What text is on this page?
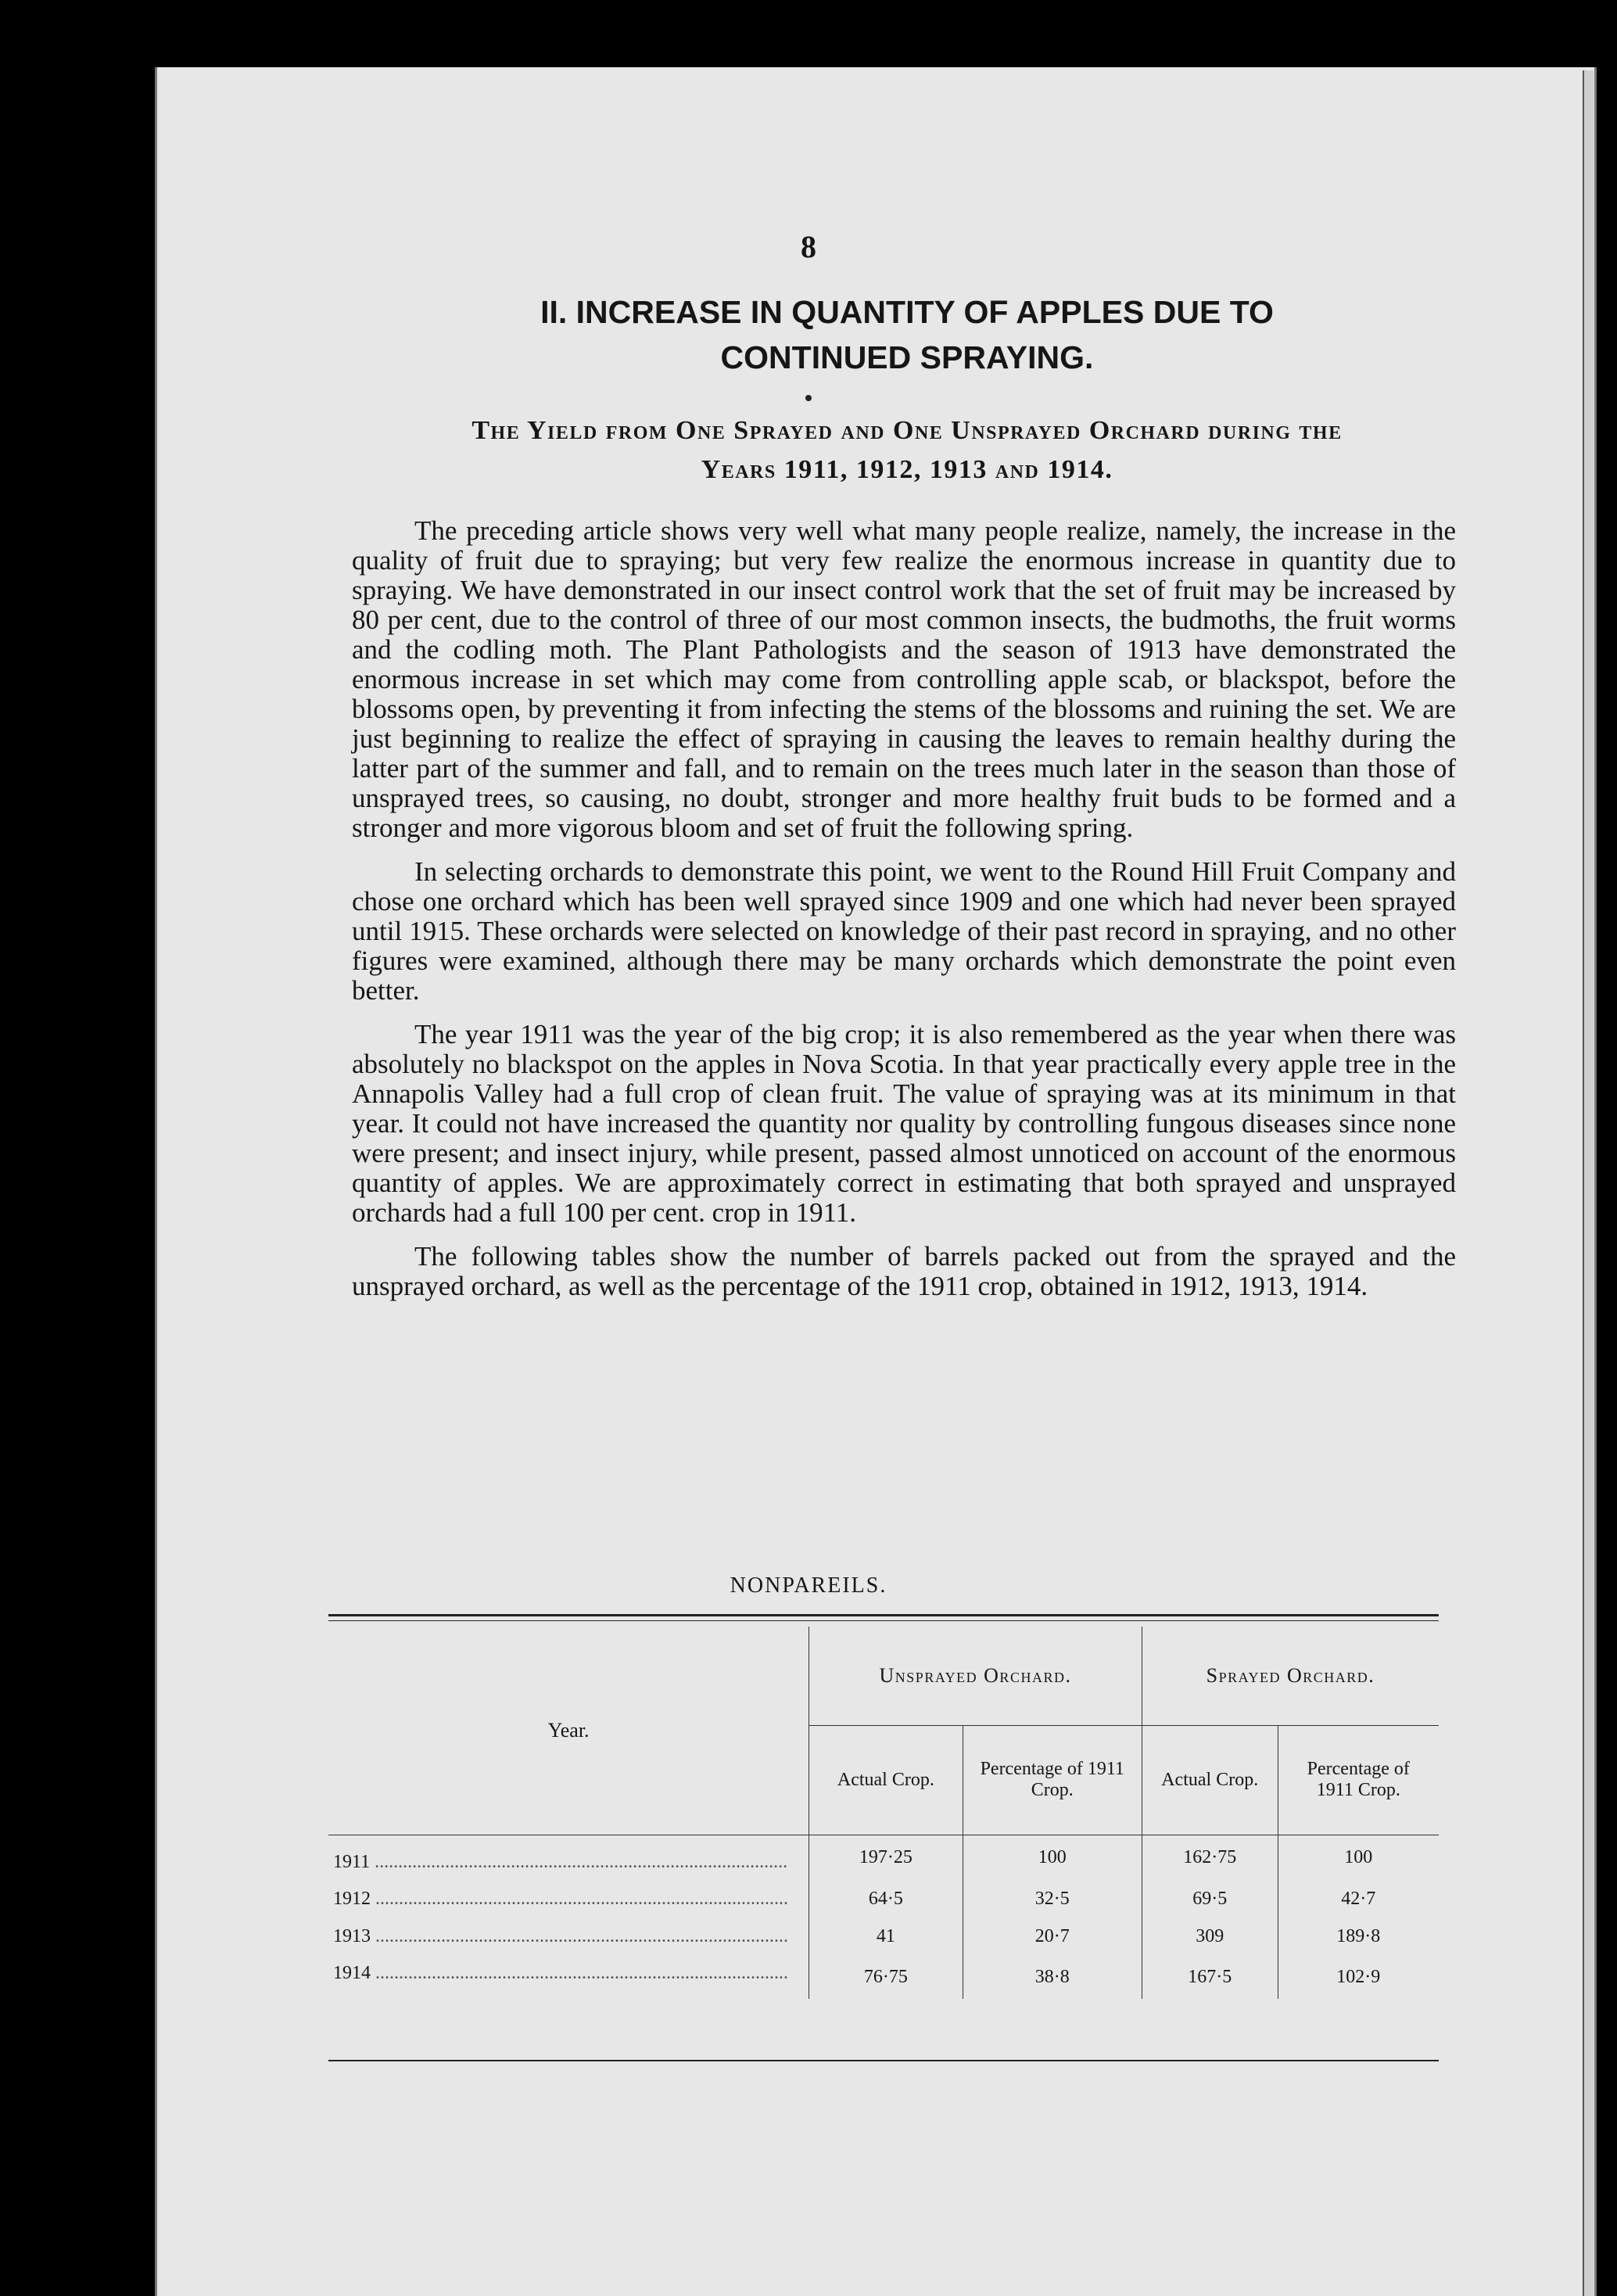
8
II. INCREASE IN QUANTITY OF APPLES DUE TO
CONTINUED SPRAYING.
The Yield from One Sprayed and One Unsprayed Orchard during the
Years 1911, 1912, 1913 and 1914.

The preceding article shows very well what many people realize, namely, the increase in the quality of fruit due to spraying; but very few realize the enormous increase in quantity due to spraying. We have demonstrated in our insect control work that the set of fruit may be increased by 80 per cent, due to the control of three of our most common insects, the budmoths, the fruit worms and the codling moth. The Plant Pathologists and the season of 1913 have demonstrated the enormous increase in set which may come from controlling apple scab, or blackspot, before the blossoms open, by preventing it from infecting the stems of the blossoms and ruining the set. We are just beginning to realize the effect of spraying in causing the leaves to remain healthy during the latter part of the summer and fall, and to remain on the trees much later in the season than those of unsprayed trees, so causing, no doubt, stronger and more healthy fruit buds to be formed and a stronger and more vigorous bloom and set of fruit the following spring.

In selecting orchards to demonstrate this point, we went to the Round Hill Fruit Company and chose one orchard which has been well sprayed since 1909 and one which had never been sprayed until 1915. These orchards were selected on knowledge of their past record in spraying, and no other figures were examined, although there may be many orchards which demonstrate the point even better.

The year 1911 was the year of the big crop; it is also remembered as the year when there was absolutely no blackspot on the apples in Nova Scotia. In that year practically every apple tree in the Annapolis Valley had a full crop of clean fruit. The value of spraying was at its minimum in that year. It could not have increased the quantity nor quality by controlling fungous diseases since none were present; and insect injury, while present, passed almost unnoticed on account of the enormous quantity of apples. We are approximately correct in estimating that both sprayed and unsprayed orchards had a full 100 per cent. crop in 1911.

The following tables show the number of barrels packed out from the sprayed and the unsprayed orchard, as well as the percentage of the 1911 crop, obtained in 1912, 1913, 1914.

NONPAREILS.
Year.	Unsprayed Orchard.		Sprayed Orchard.	
	Actual Crop.	Percentage of 1911 Crop.	Actual Crop.	Percentage of 1911 Crop.
1911 .....	197·25	100	162·75	100
1912 .....	64·5	32·5	69·5	42·7
1913 .....	41	20·7	309	189·8
1914 .....	76·75	38·8	167·5	102·9
